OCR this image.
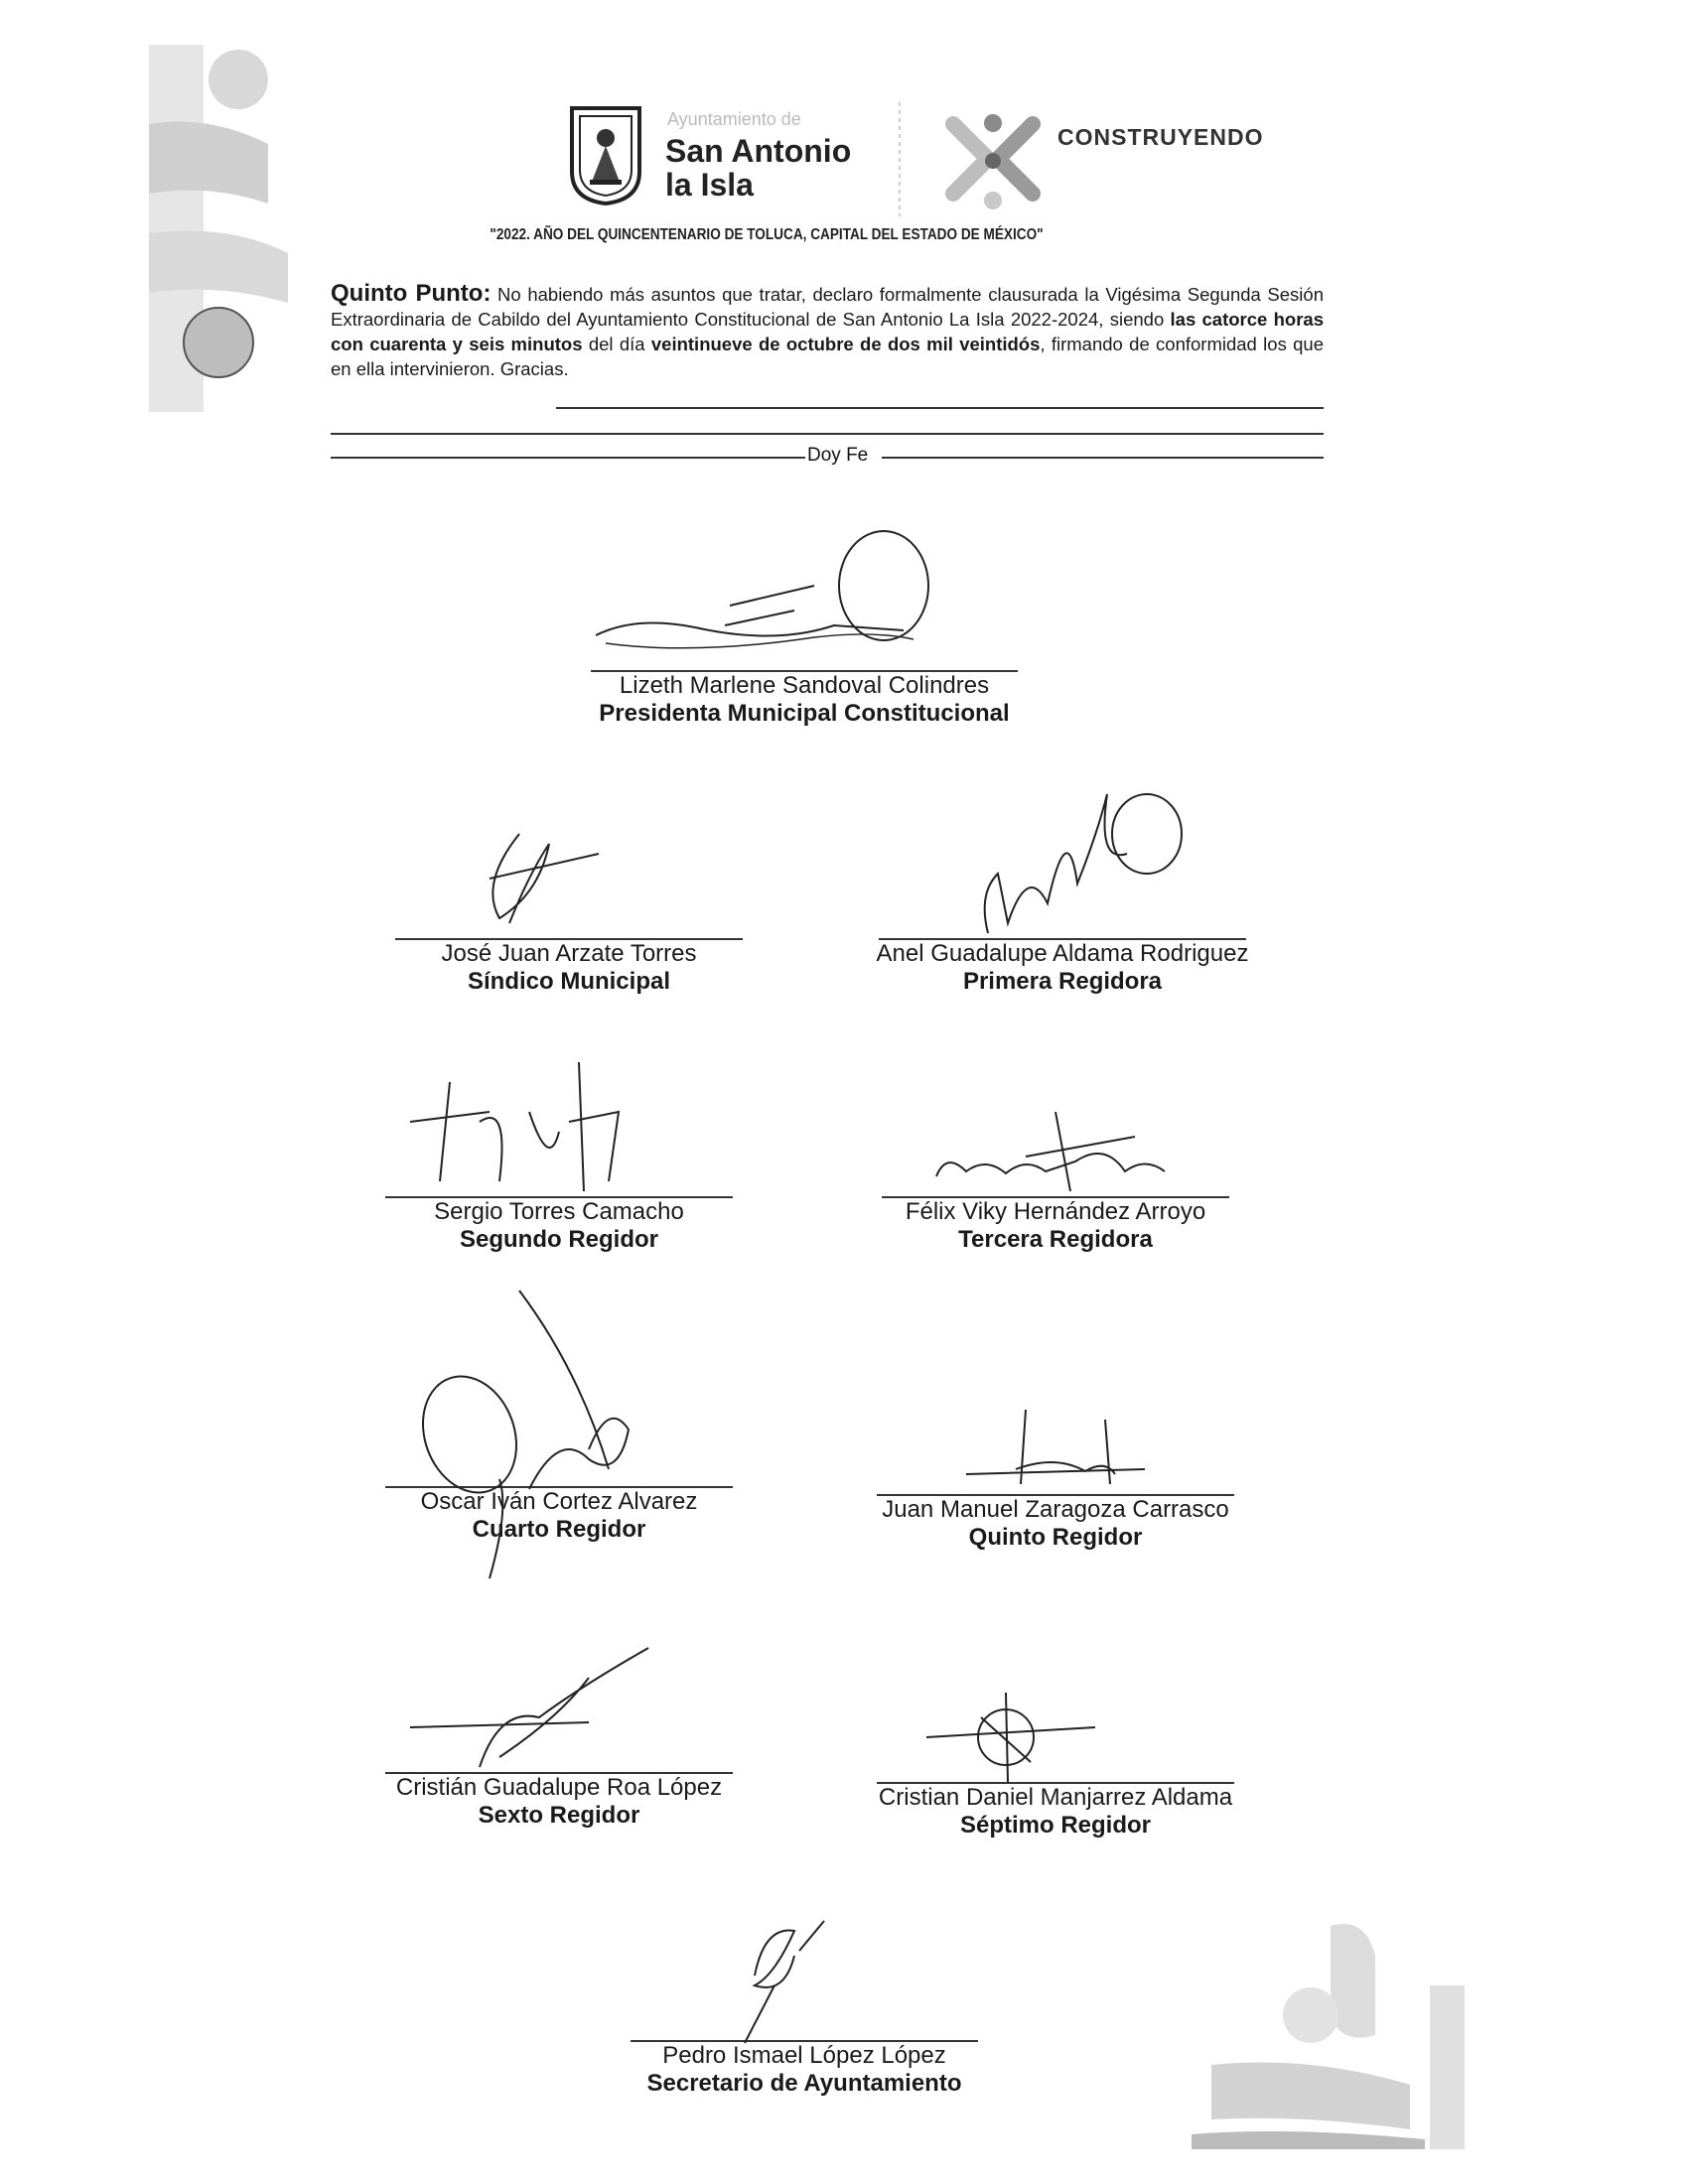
Ayuntamiento de
San Antonio
la Isla
CONSTRUYENDO
"2022. AÑO DEL QUINCENTENARIO DE TOLUCA, CAPITAL DEL ESTADO DE MÉXICO"
Quinto Punto: No habiendo más asuntos que tratar, declaro formalmente clausurada la Vigésima Segunda Sesión Extraordinaria de Cabildo del Ayuntamiento Constitucional de San Antonio La Isla 2022-2024, siendo las catorce horas con cuarenta y seis minutos del día veintinueve de octubre de dos mil veintidós, firmando de conformidad los que en ella intervinieron. Gracias.
Doy Fe
Lizeth Marlene Sandoval Colindres
Presidenta Municipal Constitucional
José Juan Arzate Torres
Síndico Municipal
Anel Guadalupe Aldama Rodriguez
Primera Regidora
Sergio Torres Camacho
Segundo Regidor
Félix Viky Hernández Arroyo
Tercera Regidora
Oscar Iván Cortez Alvarez
Cuarto Regidor
Juan Manuel Zaragoza Carrasco
Quinto Regidor
Cristián Guadalupe Roa López
Sexto Regidor
Cristian Daniel Manjarrez Aldama
Séptimo Regidor
Pedro Ismael López López
Secretario de Ayuntamiento
